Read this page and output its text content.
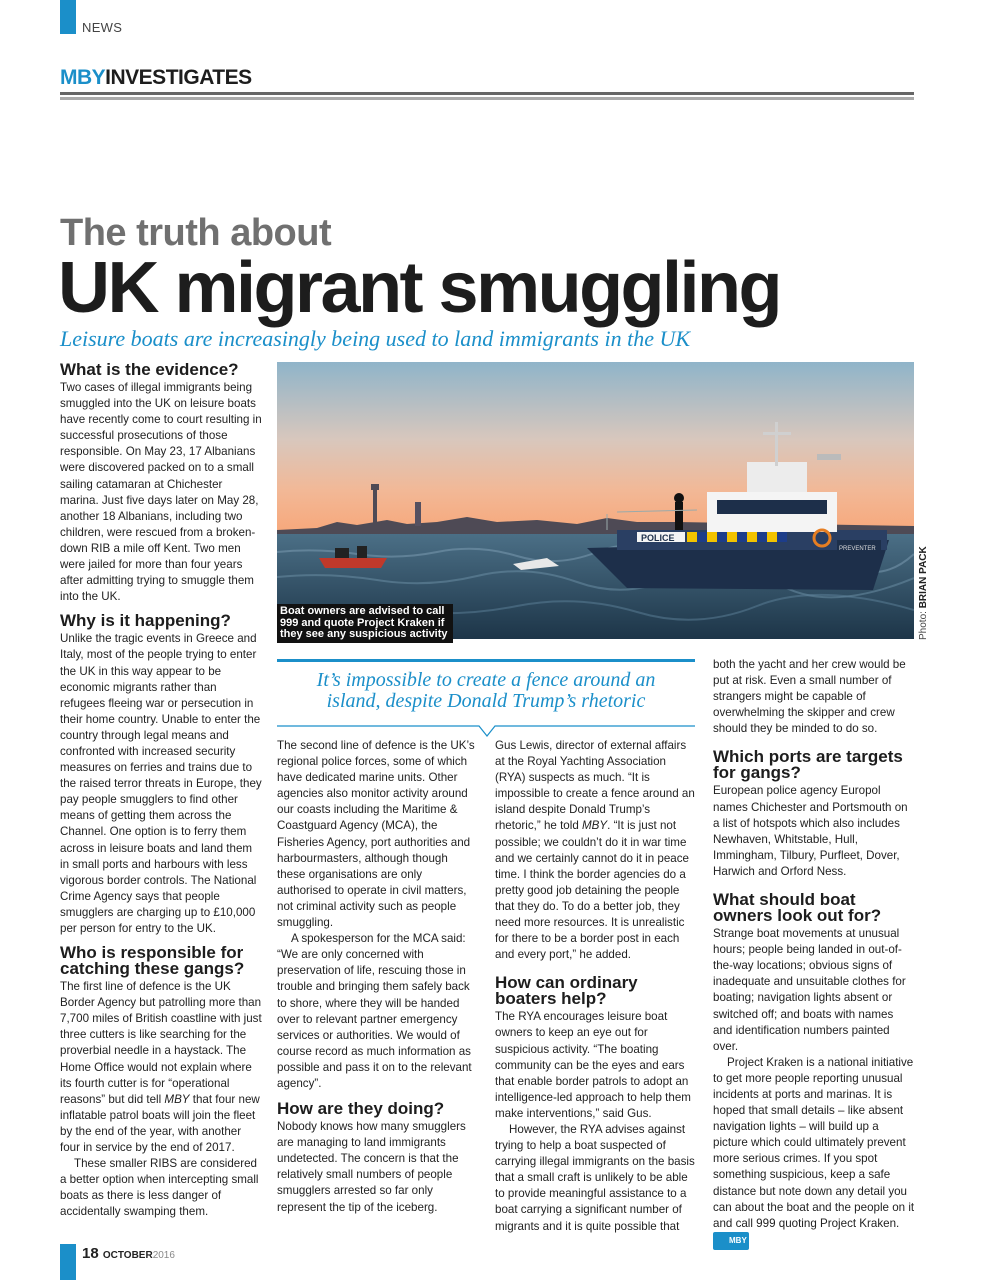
NEWS
MBYINVESTIGATES
The truth about
UK migrant smuggling
Leisure boats are increasingly being used to land immigrants in the UK
POLICE
PREVENTER
Boat owners are advised to call
999 and quote Project Kraken if
they see any suspicious activity	Photo: BRIAN PACK
What is the evidence?

Two cases of illegal immigrants being smuggled into the UK on leisure boats have recently come to court resulting in successful prosecutions of those responsible. On May 23, 17 Albanians were discovered packed on to a small sailing catamaran at Chichester marina. Just five days later on May 28, another 18 Albanians, including two children, were rescued from a broken-down RIB a mile off Kent. Two men were jailed for more than four years after admitting trying to smuggle them into the UK.

Why is it happening?

Unlike the tragic events in Greece and Italy, most of the people trying to enter the UK in this way appear to be economic migrants rather than refugees fleeing war or persecution in their home country. Unable to enter the country through legal means and confronted with increased security measures on ferries and trains due to the raised terror threats in Europe, they pay people smugglers to find other means of getting them across the Channel. One option is to ferry them across in leisure boats and land them in small ports and harbours with less vigorous border controls. The National Crime Agency says that people smugglers are charging up to £10,000 per person for entry to the UK.

Who is responsible for catching these gangs?

The first line of defence is the UK Border Agency but patrolling more than 7,700 miles of British coastline with just three cutters is like searching for the proverbial needle in a haystack. The Home Office would not explain where its fourth cutter is for “operational reasons” but did tell MBY that four new inflatable patrol boats will join the fleet by the end of the year, with another four in service by the end of 2017.

These smaller RIBS are considered a better option when intercepting small boats as there is less danger of accidentally swamping them.

It’s impossible to create a fence around an
island, despite Donald Trump’s rhetoric

The second line of defence is the UK’s regional police forces, some of which have dedicated marine units. Other agencies also monitor activity around our coasts including the Maritime & Coastguard Agency (MCA), the Fisheries Agency, port authorities and harbourmasters, although though these organisations are only authorised to operate in civil matters, not criminal activity such as people smuggling.

A spokesperson for the MCA said: “We are only concerned with preservation of life, rescuing those in trouble and bringing them safely back to shore, where they will be handed over to relevant partner emergency services or authorities. We would of course record as much information as possible and pass it on to the relevant agency”.

How are they doing?

Nobody knows how many smugglers are managing to land immigrants undetected. The concern is that the relatively small numbers of people smugglers arrested so far only represent the tip of the iceberg.

Gus Lewis, director of external affairs at the Royal Yachting Association (RYA) suspects as much. “It is impossible to create a fence around an island despite Donald Trump’s rhetoric,” he told MBY. “It is just not possible; we couldn’t do it in war time and we certainly cannot do it in peace time. I think the border agencies do a pretty good job detaining the people that they do. To do a better job, they need more resources. It is unrealistic for there to be a border post in each and every port,” he added.

How can ordinary boaters help?

The RYA encourages leisure boat owners to keep an eye out for suspicious activity. “The boating community can be the eyes and ears that enable border patrols to adopt an intelligence-led approach to help them make interventions,” said Gus.

However, the RYA advises against trying to help a boat suspected of carrying illegal immigrants on the basis that a small craft is unlikely to be able to provide meaningful assistance to a boat carrying a significant number of migrants and it is quite possible that

both the yacht and her crew would be put at risk. Even a small number of strangers might be capable of overwhelming the skipper and crew should they be minded to do so.

Which ports are targets for gangs?

European police agency Europol names Chichester and Portsmouth on a list of hotspots which also includes Newhaven, Whitstable, Hull, Immingham, Tilbury, Purfleet, Dover, Harwich and Orford Ness.

What should boat owners look out for?

Strange boat movements at unusual hours; people being landed in out-of-the-way locations; obvious signs of inadequate and unsuitable clothes for boating; navigation lights absent or switched off; and boats with names and identification numbers painted over.

Project Kraken is a national initiative to get more people reporting unusual incidents at ports and marinas. It is hoped that small details – like absent navigation lights – will build up a picture which could ultimately prevent more serious crimes. If you spot something suspicious, keep a safe distance but note down any detail you can about the boat and the people on it and call 999 quoting Project Kraken. MBY

18 OCTOBER2016
